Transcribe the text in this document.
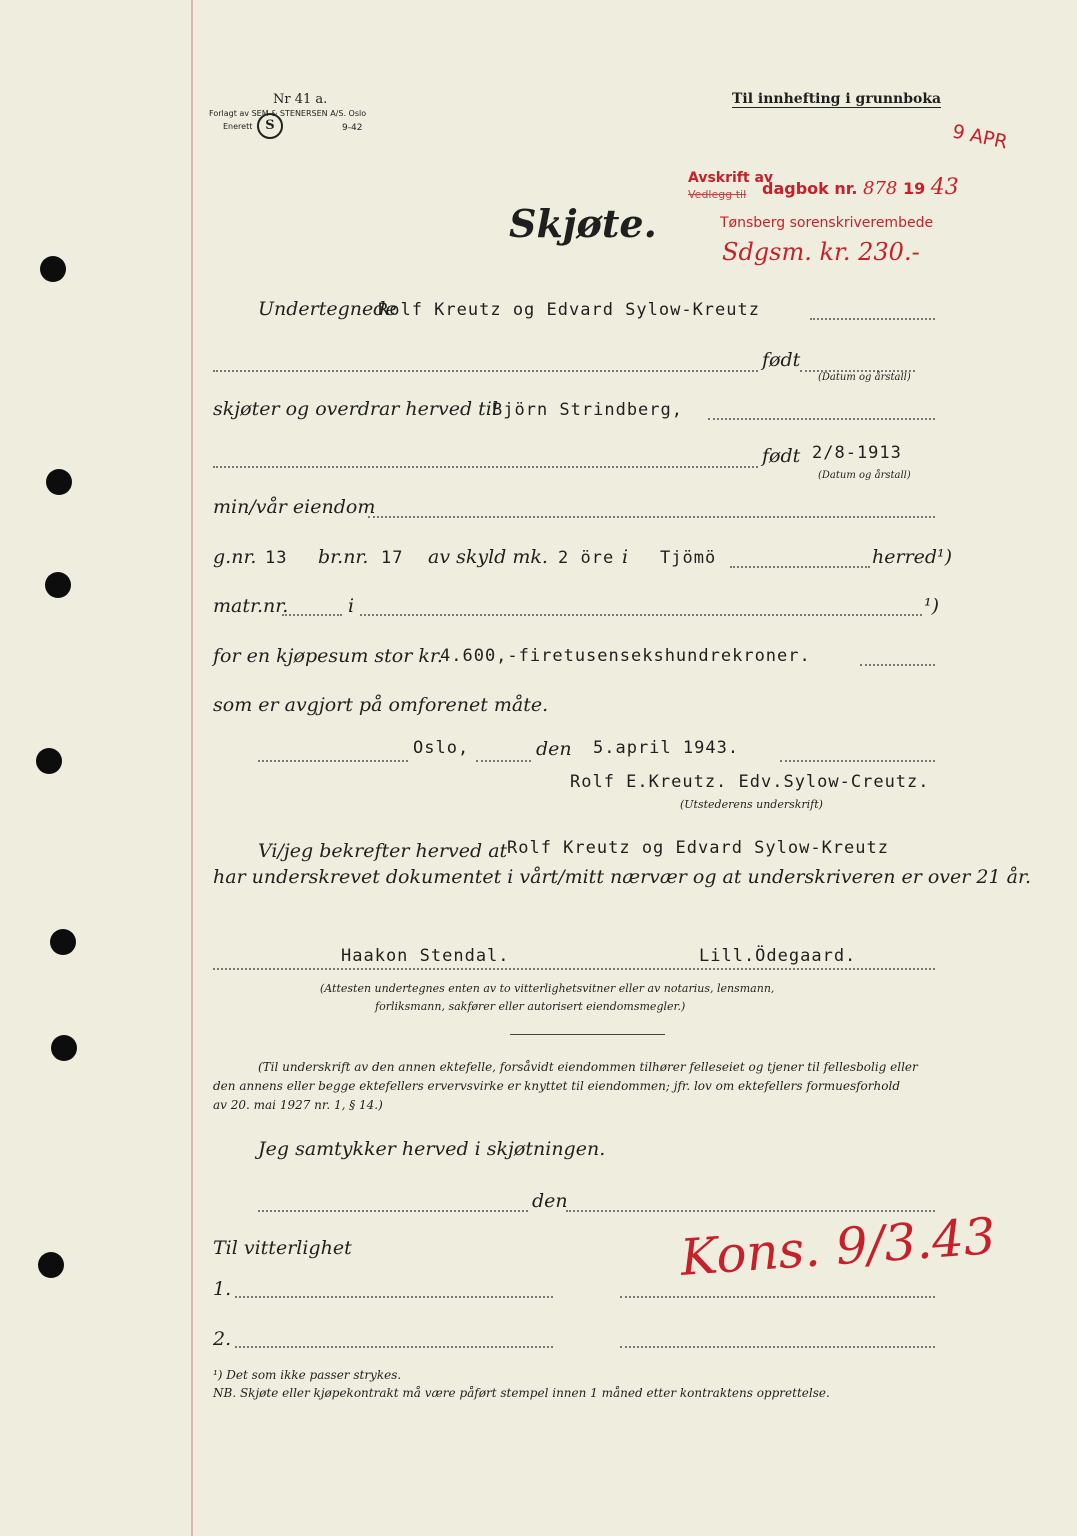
Nr 41 a.
Forlagt av SEM & STENERSEN A/S. Oslo
Enerett S	9-42
Til innhefting i grunnboka
9 APR
Avskrift av
Vedlegg til dagbok nr. 878 19 43
Tønsberg sorenskriverembede
Sdgsm. kr. 230.-
Skjøte.
Undertegnede
Rolf Kreutz og Edvard Sylow-Kreutz
født
(Datum og årstall)
skjøter og overdrar herved til
Björn Strindberg,
født 2/8-1913
(Datum og årstall)
min/vår eiendom
g.nr. 13 br.nr. 17 av skyld mk. 2 öre i Tjömö	herred¹)
matr.nr.	i	¹)
for en kjøpesum stor kr.
4.600,-firetusensekshundrekroner.
som er avgjort på omforenet måte.
Oslo,	den 5.april 1943.
Rolf E.Kreutz. Edv.Sylow-Creutz.
(Utstederens underskrift)
Vi/jeg bekrefter herved at Rolf Kreutz og Edvard Sylow-Kreutz
har underskrevet dokumentet i vårt/mitt nærvær og at underskriveren er over 21 år.
Haakon Stendal.	Lill.Ödegaard.
(Attesten undertegnes enten av to vitterlighetsvitner eller av notarius, lensmann,
forliksmann, sakfører eller autorisert eiendomsmegler.)
(Til underskrift av den annen ektefelle, forsåvidt eiendommen tilhører felleseiet og tjener til fellesbolig eller
den annens eller begge ektefellers ervervsvirke er knyttet til eiendommen; jfr. lov om ektefellers formuesforhold
av 20. mai 1927 nr. 1, § 14.)
Jeg samtykker herved i skjøtningen.
den
Til vitterlighet
1.
2.
Kons. 9/3.43
¹) Det som ikke passer strykes.
NB. Skjøte eller kjøpekontrakt må være påført stempel innen 1 måned etter kontraktens opprettelse.
